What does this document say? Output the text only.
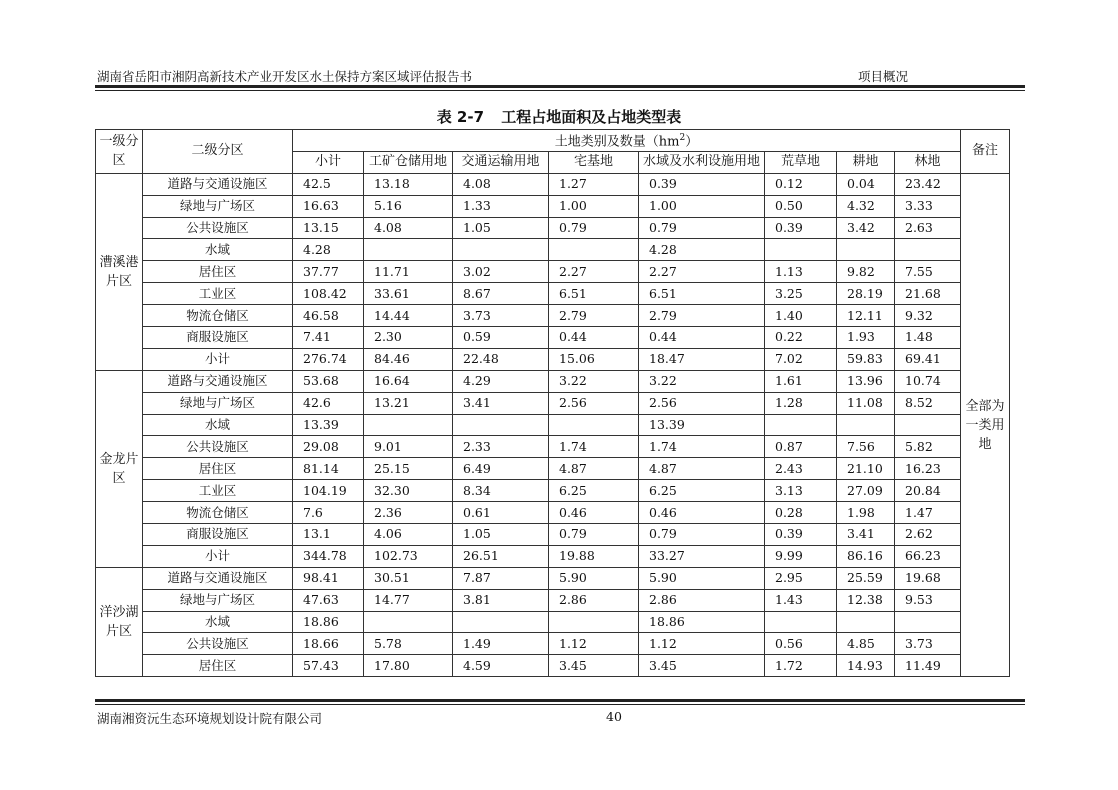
湖南省岳阳市湘阴高新技术产业开发区水土保持方案区域评估报告书	项目概况
表 2-7 工程占地面积及占地类型表
一级分区	二级分区	土地类别及数量$(hm^2)$								备注
		小计	工矿仓储用地	交通运输用地	宅基地	水域及水利设施用地	荒草地	耕地	林地	
漕溪港片区	道路与交通设施区	42.5	13.18	4.08	1.27	0.39	0.12	0.04	23.42	全部为一类用地

	绿地与广场区	16.63	5.16	1.33	1.00	1.00	0.50	4.32	3.33	
	公共设施区	13.15	4.08	1.05	0.79	0.79	0.39	3.42	2.63	
	水域	4.28				4.28				
	居住区	37.77	11.71	3.02	2.27	2.27	1.13	9.82	7.55	
	工业区	108.42	33.61	8.67	6.51	6.51	3.25	28.19	21.68	
	物流仓储区	46.58	14.44	3.73	2.79	2.79	1.40	12.11	9.32	
	商服设施区	7.41	2.30	0.59	0.44	0.44	0.22	1.93	1.48	
	小计	276.74	84.46	22.48	15.06	18.47	7.02	59.83	69.41	
金龙片区	道路与交通设施区	53.68	16.64	4.29	3.22	3.22	1.61	13.96	10.74	
	绿地与广场区	42.6	13.21	3.41	2.56	2.56	1.28	11.08	8.52	
	水域	13.39				13.39				
	公共设施区	29.08	9.01	2.33	1.74	1.74	0.87	7.56	5.82	
	居住区	81.14	25.15	6.49	4.87	4.87	2.43	21.10	16.23	
	工业区	104.19	32.30	8.34	6.25	6.25	3.13	27.09	20.84	
	物流仓储区	7.6	2.36	0.61	0.46	0.46	0.28	1.98	1.47	
	商服设施区	13.1	4.06	1.05	0.79	0.79	0.39	3.41	2.62	
	小计	344.78	102.73	26.51	19.88	33.27	9.99	86.16	66.23	
洋沙湖片区	道路与交通设施区	98.41	30.51	7.87	5.90	5.90	2.95	25.59	19.68	
	绿地与广场区	47.63	14.77	3.81	2.86	2.86	1.43	12.38	9.53	
	水域	18.86				18.86				
	公共设施区	18.66	5.78	1.49	1.12	1.12	0.56	4.85	3.73	
	居住区	57.43	17.80	4.59	3.45	3.45	1.72	14.93	11.49	
湖南湘资沅生态环境规划设计院有限公司	40
